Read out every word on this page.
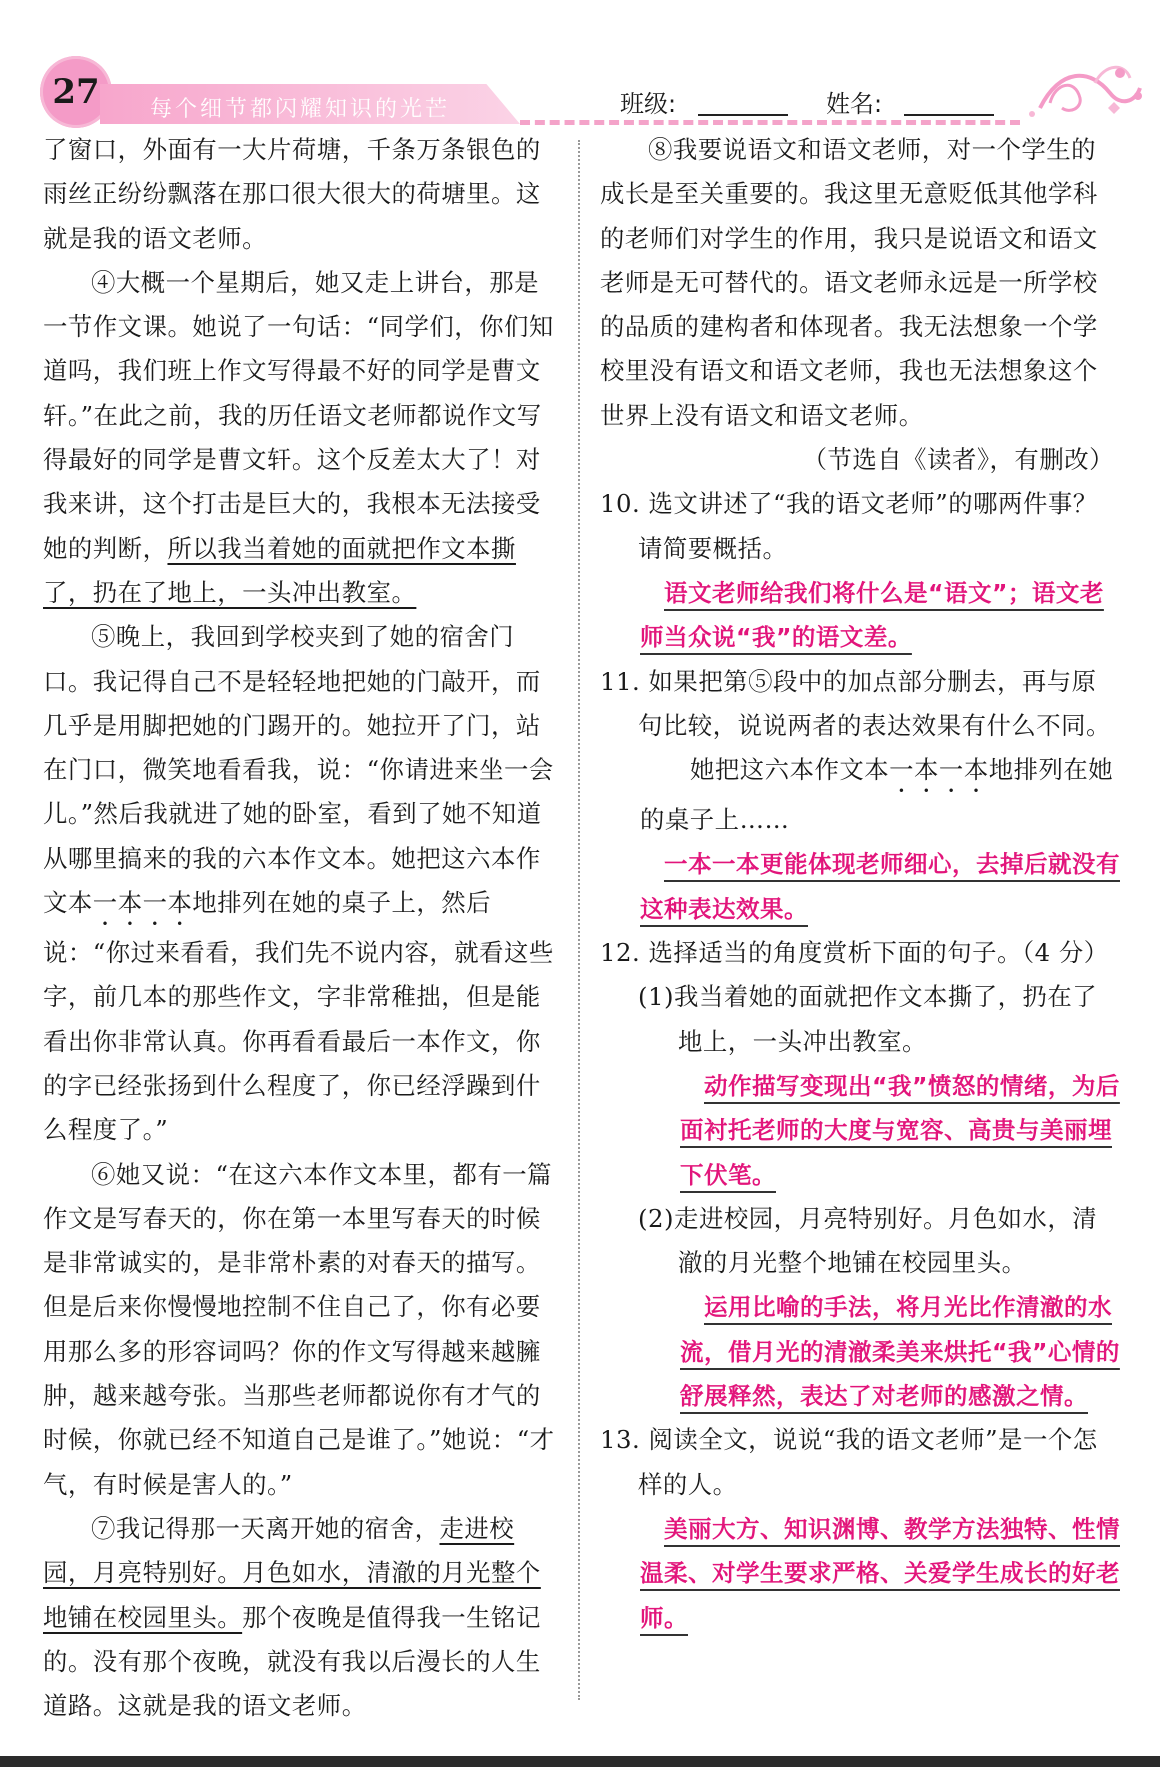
27 每个细节都闪耀知识的光芒	班级:	姓名:

了窗口，外面有一大片荷塘，千条万条银色的雨丝正纷纷飘落在那口很大很大的荷塘里。这就是我的语文老师。

④大概一个星期后，她又走上讲台，那是一节作文课。她说了一句话：“同学们，你们知道吗，我们班上作文写得最不好的同学是曹文轩。”在此之前，我的历任语文老师都说作文写得最好的同学是曹文轩。这个反差太大了！对我来讲，这个打击是巨大的，我根本无法接受她的判断，所以我当着她的面就把作文本撕了，扔在了地上，一头冲出教室。

⑤晚上，我回到学校夹到了她的宿舍门口。我记得自己不是轻轻地把她的门敲开，而几乎是用脚把她的门踢开的。她拉开了门，站在门口，微笑地看看我，说：“你请进来坐一会儿。”然后我就进了她的卧室，看到了她不知道从哪里搞来的我的六本作文本。她把这六本作文本一本一本地排列在她的桌子上，然后说：“你过来看看，我们先不说内容，就看这些字，前几本的那些作文，字非常稚拙，但是能看出你非常认真。你再看看最后一本作文，你的字已经张扬到什么程度了，你已经浮躁到什么程度了。”

⑥她又说：“在这六本作文本里，都有一篇作文是写春天的，你在第一本里写春天的时候是非常诚实的，是非常朴素的对春天的描写。但是后来你慢慢地控制不住自己了，你有必要用那么多的形容词吗？你的作文写得越来越臃肿，越来越夸张。当那些老师都说你有才气的时候，你就已经不知道自己是谁了。”她说：“才气，有时候是害人的。”

⑦我记得那一天离开她的宿舍，走进校园，月亮特别好。月色如水，清澈的月光整个地铺在校园里头。那个夜晚是值得我一生铭记的。没有那个夜晚，就没有我以后漫长的人生道路。这就是我的语文老师。

⑧我要说语文和语文老师，对一个学生的成长是至关重要的。我这里无意贬低其他学科的老师们对学生的作用，我只是说语文和语文老师是无可替代的。语文老师永远是一所学校的品质的建构者和体现者。我无法想象一个学校里没有语文和语文老师，我也无法想象这个世界上没有语文和语文老师。

（节选自《读者》，有删改）

10. 选文讲述了“我的语文老师”的哪两件事？请简要概括。

语文老师给我们将什么是“语文”；语文老师当众说“我”的语文差。

11. 如果把第⑤段中的加点部分删去，再与原句比较，说说两者的表达效果有什么不同。

她把这六本作文本一本一本地排列在她的桌子上……

一本一本更能体现老师细心，去掉后就没有这种表达效果。

12. 选择适当的角度赏析下面的句子。（4 分）

(1)我当着她的面就把作文本撕了，扔在了地上，一头冲出教室。

动作描写变现出“我”愤怒的情绪，为后面衬托老师的大度与宽容、高贵与美丽埋下伏笔。

(2)走进校园，月亮特别好。月色如水，清澈的月光整个地铺在校园里头。

运用比喻的手法，将月光比作清澈的水流，借月光的清澈柔美来烘托“我”心情的舒展释然，表达了对老师的感激之情。

13. 阅读全文，说说“我的语文老师”是一个怎样的人。

美丽大方、知识渊博、教学方法独特、性情温柔、对学生要求严格、关爱学生成长的好老师。
